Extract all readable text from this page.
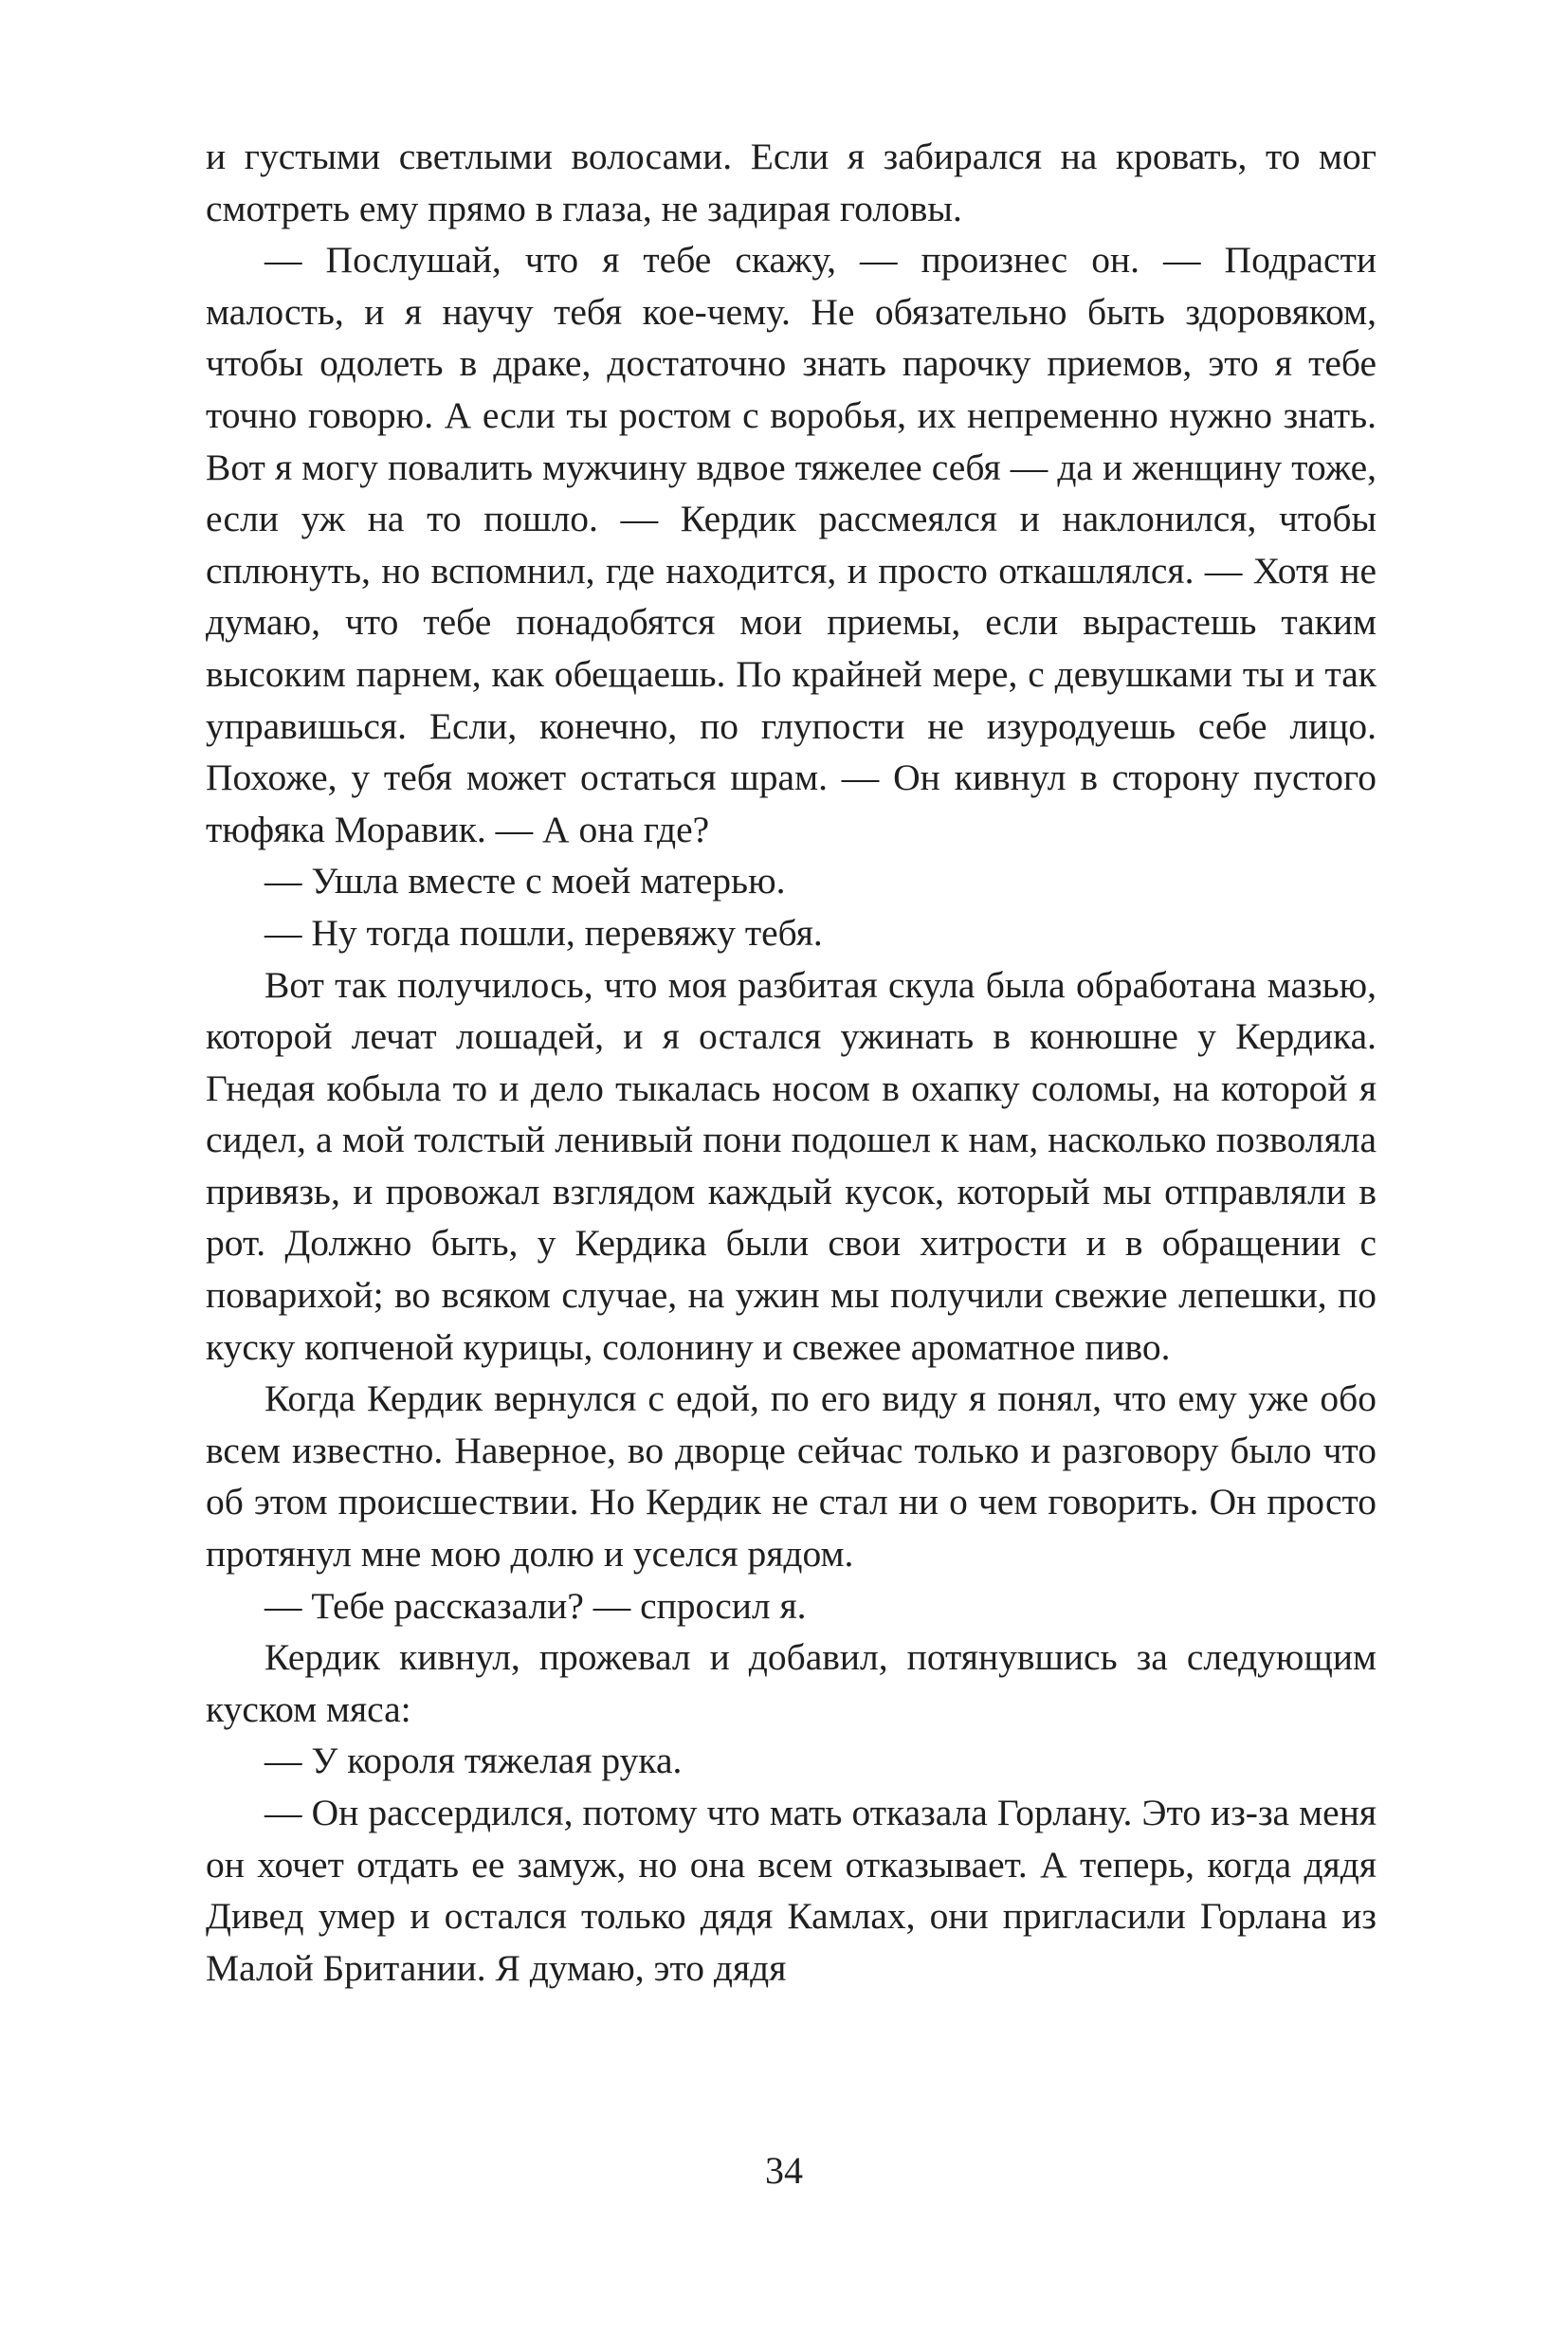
и густыми светлыми волосами. Если я забирался на кровать, то мог смотреть ему прямо в глаза, не задирая головы.

— Послушай, что я тебе скажу, — произнес он. — Подрасти малость, и я научу тебя кое-чему. Не обязательно быть здоровяком, чтобы одолеть в драке, достаточно знать парочку приемов, это я тебе точно говорю. А если ты ростом с воробья, их непременно нужно знать. Вот я могу повалить мужчину вдвое тяжелее себя — да и женщину тоже, если уж на то пошло. — Кердик рассмеялся и наклонился, чтобы сплюнуть, но вспомнил, где находится, и просто откашлялся. — Хотя не думаю, что тебе понадобятся мои приемы, если вырастешь таким высоким парнем, как обещаешь. По крайней мере, с девушками ты и так управишься. Если, конечно, по глупости не изуродуешь себе лицо. Похоже, у тебя может остаться шрам. — Он кивнул в сторону пустого тюфяка Моравик. — А она где?

— Ушла вместе с моей матерью.

— Ну тогда пошли, перевяжу тебя.

Вот так получилось, что моя разбитая скула была обработана мазью, которой лечат лошадей, и я остался ужинать в конюшне у Кердика. Гнедая кобыла то и дело тыкалась носом в охапку соломы, на которой я сидел, а мой толстый ленивый пони подошел к нам, насколько позволяла привязь, и провожал взглядом каждый кусок, который мы отправляли в рот. Должно быть, у Кердика были свои хитрости и в обращении с поварихой; во всяком случае, на ужин мы получили свежие лепешки, по куску копченой курицы, солонину и свежее ароматное пиво.

Когда Кердик вернулся с едой, по его виду я понял, что ему уже обо всем известно. Наверное, во дворце сейчас только и разговору было что об этом происшествии. Но Кердик не стал ни о чем говорить. Он просто протянул мне мою долю и уселся рядом.

— Тебе рассказали? — спросил я.

Кердик кивнул, прожевал и добавил, потянувшись за следующим куском мяса:

— У короля тяжелая рука.

— Он рассердился, потому что мать отказала Горлану. Это из-за меня он хочет отдать ее замуж, но она всем отказывает. А теперь, когда дядя Дивед умер и остался только дядя Камлах, они пригласили Горлана из Малой Британии. Я думаю, это дядя

34
